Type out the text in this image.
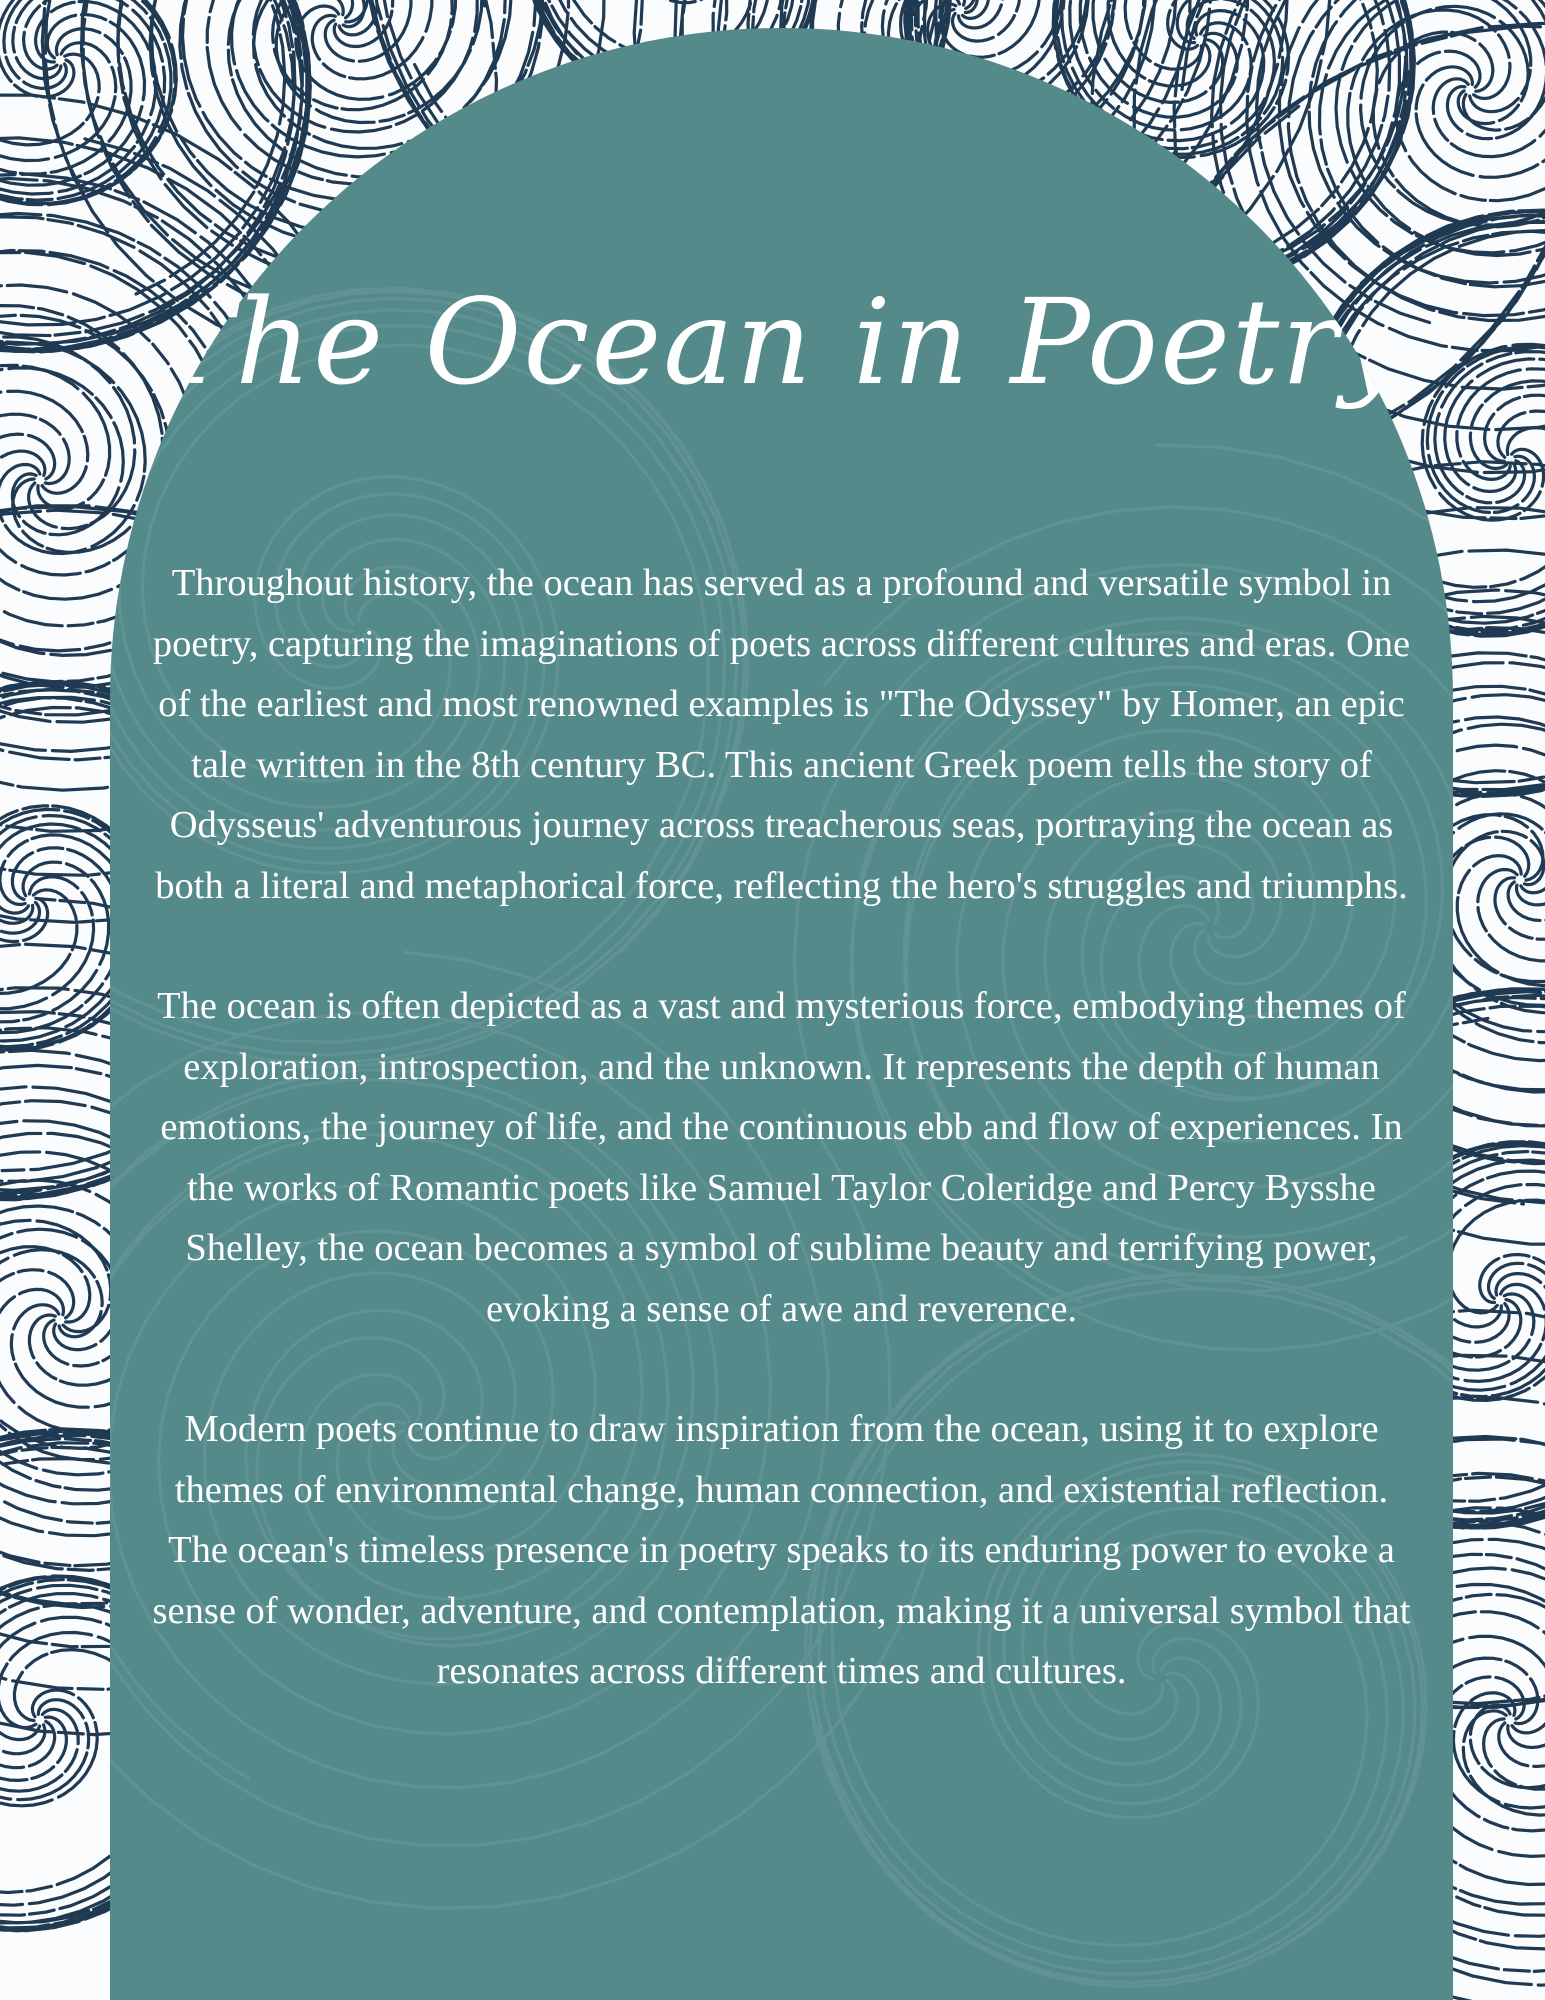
The Ocean in Poetry

Throughout history, the ocean has served as a profound and versatile symbol in poetry, capturing the imaginations of poets across different cultures and eras. One of the earliest and most renowned examples is "The Odyssey" by Homer, an epic tale written in the 8th century BC. This ancient Greek poem tells the story of Odysseus' adventurous journey across treacherous seas, portraying the ocean as both a literal and metaphorical force, reflecting the hero's struggles and triumphs.

The ocean is often depicted as a vast and mysterious force, embodying themes of exploration, introspection, and the unknown. It represents the depth of human emotions, the journey of life, and the continuous ebb and flow of experiences. In the works of Romantic poets like Samuel Taylor Coleridge and Percy Bysshe Shelley, the ocean becomes a symbol of sublime beauty and terrifying power, evoking a sense of awe and reverence.

Modern poets continue to draw inspiration from the ocean, using it to explore themes of environmental change, human connection, and existential reflection. The ocean's timeless presence in poetry speaks to its enduring power to evoke a sense of wonder, adventure, and contemplation, making it a universal symbol that resonates across different times and cultures.
